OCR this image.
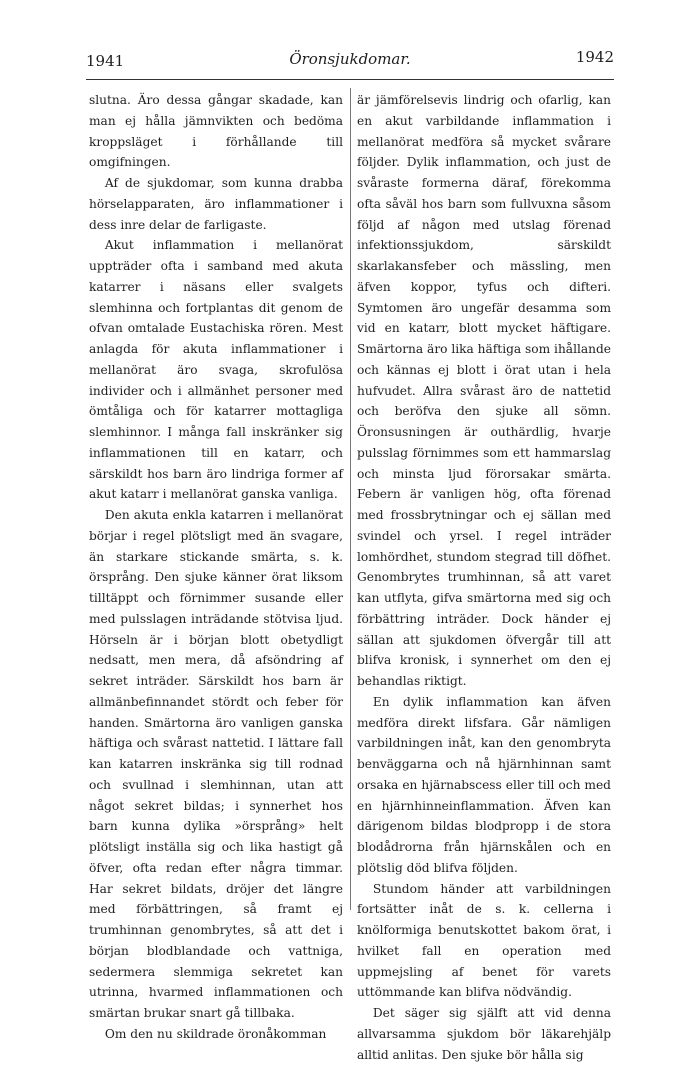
1941	Öronsjukdomar.	1942

slutna. Äro dessa gångar skadade, kan man ej hålla jämnvikten och bedöma kroppsläget i förhållande till omgifningen.

Af de sjukdomar, som kunna drabba hörselapparaten, äro inflammationer i dess inre delar de farligaste.

Akut inflammation i mellanörat uppträder ofta i samband med akuta katarrer i näsans eller svalgets slemhinna och fortplantas dit genom de ofvan omtalade Eustachiska rören. Mest anlagda för akuta inflammationer i mellanörat äro svaga, skrofulösa individer och i allmänhet personer med ömtåliga och för katarrer mottagliga slemhinnor. I många fall inskränker sig inflammationen till en katarr, och särskildt hos barn äro lindriga former af akut katarr i mellanörat ganska vanliga.

Den akuta enkla katarren i mellanörat börjar i regel plötsligt med än svagare, än starkare stickande smärta, s. k. örsprång. Den sjuke känner örat liksom tilltäppt och förnimmer susande eller med pulsslagen inträdande stötvisa ljud. Hörseln är i början blott obetydligt nedsatt, men mera, då afsöndring af sekret inträder. Särskildt hos barn är allmänbefinnandet stördt och feber för handen. Smärtorna äro vanligen ganska häftiga och svårast nattetid. I lättare fall kan katarren inskränka sig till rodnad och svullnad i slemhinnan, utan att något sekret bildas; i synnerhet hos barn kunna dylika »örsprång» helt plötsligt inställa sig och lika hastigt gå öfver, ofta redan efter några timmar. Har sekret bildats, dröjer det längre med förbättringen, så framt ej trumhinnan genombrytes, så att det i början blodblandade och vattniga, sedermera slemmiga sekretet kan utrinna, hvarmed inflammationen och smärtan brukar snart gå tillbaka.

Om den nu skildrade öronåkomman

är jämförelsevis lindrig och ofarlig, kan en akut varbildande inflammation i mellanörat medföra så mycket svårare följder. Dylik inflammation, och just de svåraste formerna däraf, förekomma ofta såväl hos barn som fullvuxna såsom följd af någon med utslag förenad infektionssjukdom, särskildt skarlakansfeber och mässling, men äfven koppor, tyfus och difteri. Symtomen äro ungefär desamma som vid en katarr, blott mycket häftigare. Smärtorna äro lika häftiga som ihållande och kännas ej blott i örat utan i hela hufvudet. Allra svårast äro de nattetid och beröfva den sjuke all sömn. Öronsusningen är outhärdlig, hvarje pulsslag förnimmes som ett hammarslag och minsta ljud förorsakar smärta. Febern är vanligen hög, ofta förenad med frossbrytningar och ej sällan med svindel och yrsel. I regel inträder lomhördhet, stundom stegrad till döfhet. Genombrytes trumhinnan, så att varet kan utflyta, gifva smärtorna med sig och förbättring inträder. Dock händer ej sällan att sjukdomen öfvergår till att blifva kronisk, i synnerhet om den ej behandlas riktigt.

En dylik inflammation kan äfven medföra direkt lifsfara. Går nämligen varbildningen inåt, kan den genombryta benväggarna och nå hjärnhinnan samt orsaka en hjärnabscess eller till och med en hjärnhinneinflammation. Äfven kan därigenom bildas blodpropp i de stora blodådrorna från hjärnskålen och en plötslig död blifva följden.

Stundom händer att varbildningen fortsätter inåt de s. k. cellerna i knölformiga benutskottet bakom örat, i hvilket fall en operation med uppmejsling af benet för varets uttömmande kan blifva nödvändig.

Det säger sig själft att vid denna allvarsamma sjukdom bör läkarehjälp alltid anlitas. Den sjuke bör hålla sig
